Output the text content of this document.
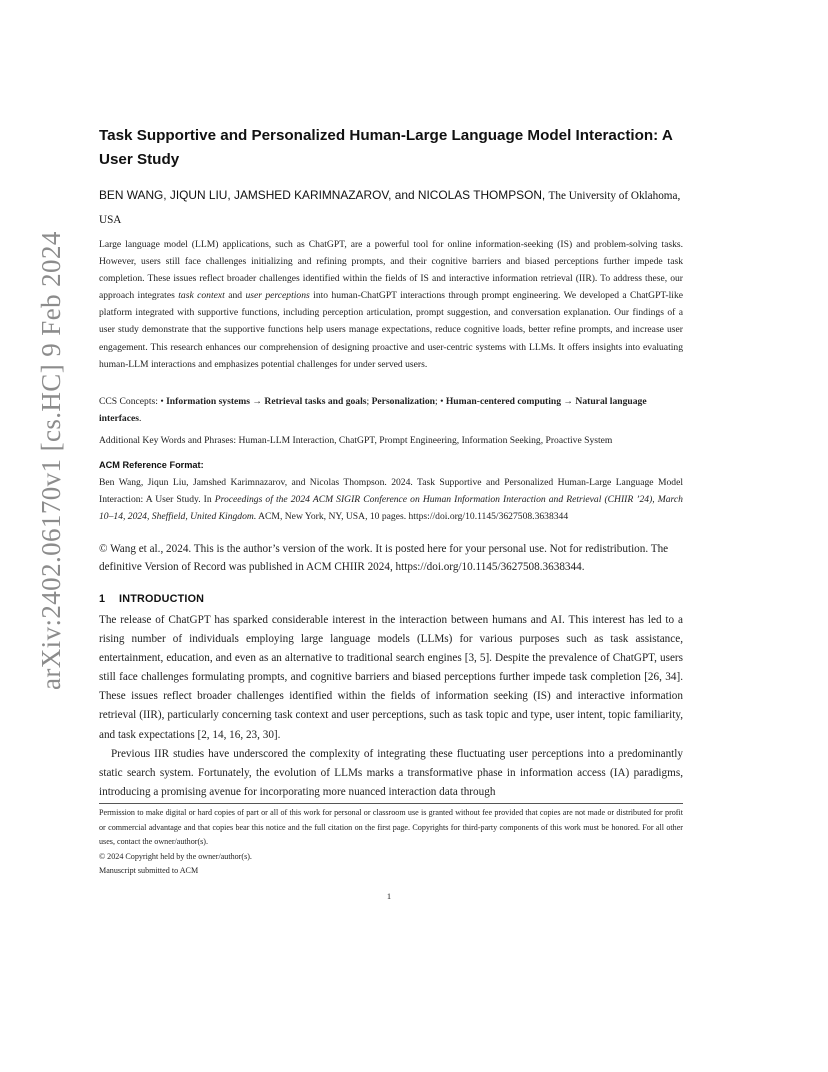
arXiv:2402.06170v1 [cs.HC] 9 Feb 2024
Task Supportive and Personalized Human-Large Language Model Interaction: A User Study
BEN WANG, JIQUN LIU, JAMSHED KARIMNAZAROV, and NICOLAS THOMPSON, The University of Oklahoma, USA
Large language model (LLM) applications, such as ChatGPT, are a powerful tool for online information-seeking (IS) and problem-solving tasks. However, users still face challenges initializing and refining prompts, and their cognitive barriers and biased perceptions further impede task completion. These issues reflect broader challenges identified within the fields of IS and interactive information retrieval (IIR). To address these, our approach integrates task context and user perceptions into human-ChatGPT interactions through prompt engineering. We developed a ChatGPT-like platform integrated with supportive functions, including perception articulation, prompt suggestion, and conversation explanation. Our findings of a user study demonstrate that the supportive functions help users manage expectations, reduce cognitive loads, better refine prompts, and increase user engagement. This research enhances our comprehension of designing proactive and user-centric systems with LLMs. It offers insights into evaluating human-LLM interactions and emphasizes potential challenges for under served users.
CCS Concepts: • Information systems → Retrieval tasks and goals; Personalization; • Human-centered computing → Natural language interfaces.
Additional Key Words and Phrases: Human-LLM Interaction, ChatGPT, Prompt Engineering, Information Seeking, Proactive System
ACM Reference Format:
Ben Wang, Jiqun Liu, Jamshed Karimnazarov, and Nicolas Thompson. 2024. Task Supportive and Personalized Human-Large Language Model Interaction: A User Study. In Proceedings of the 2024 ACM SIGIR Conference on Human Information Interaction and Retrieval (CHIIR ’24), March 10–14, 2024, Sheffield, United Kingdom. ACM, New York, NY, USA, 10 pages. https://doi.org/10.1145/3627508.3638344
© Wang et al., 2024. This is the author’s version of the work. It is posted here for your personal use. Not for redistribution. The definitive Version of Record was published in ACM CHIIR 2024, https://doi.org/10.1145/3627508.3638344.
1 INTRODUCTION

The release of ChatGPT has sparked considerable interest in the interaction between humans and AI. This interest has led to a rising number of individuals employing large language models (LLMs) for various purposes such as task assistance, entertainment, education, and even as an alternative to traditional search engines [3, 5]. Despite the prevalence of ChatGPT, users still face challenges formulating prompts, and cognitive barriers and biased perceptions further impede task completion [26, 34]. These issues reflect broader challenges identified within the fields of information seeking (IS) and interactive information retrieval (IIR), particularly concerning task context and user perceptions, such as task topic and type, user intent, topic familiarity, and task expectations [2, 14, 16, 23, 30].

Previous IIR studies have underscored the complexity of integrating these fluctuating user perceptions into a predominantly static search system. Fortunately, the evolution of LLMs marks a transformative phase in information access (IA) paradigms, introducing a promising avenue for incorporating more nuanced interaction data through

Permission to make digital or hard copies of part or all of this work for personal or classroom use is granted without fee provided that copies are not made or distributed for profit or commercial advantage and that copies bear this notice and the full citation on the first page. Copyrights for third-party components of this work must be honored. For all other uses, contact the owner/author(s).

© 2024 Copyright held by the owner/author(s).

Manuscript submitted to ACM

1
